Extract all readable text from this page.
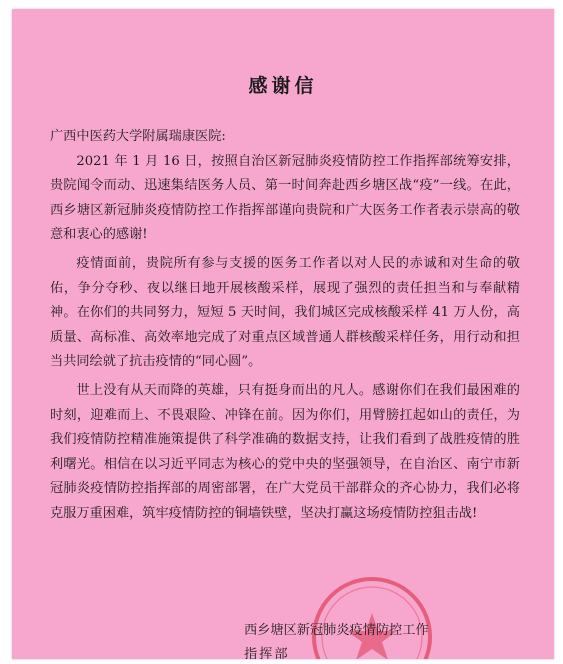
感谢信

广西中医药大学附属瑞康医院:

2021 年 1 月 16 日，按照自治区新冠肺炎疫情防控工作指挥部统筹安排，贵院闻令而动、迅速集结医务人员、第一时间奔赴西乡塘区战“疫”一线。在此，西乡塘区新冠肺炎疫情防控工作指挥部谨向贵院和广大医务工作者表示崇高的敬意和衷心的感谢!

疫情面前，贵院所有参与支援的医务工作者以对人民的赤诚和对生命的敬佑，争分夺秒、夜以继日地开展核酸采样，展现了强烈的责任担当和与奉献精神。在你们的共同努力，短短 5 天时间，我们城区完成核酸采样 41 万人份，高质量、高标准、高效率地完成了对重点区域普通人群核酸采样任务，用行动和担当共同绘就了抗击疫情的“同心圆”。

世上没有从天而降的英雄，只有挺身而出的凡人。感谢你们在我们最困难的时刻，迎难而上、不畏艰险、冲锋在前。因为你们，用臂膀扛起如山的责任，为我们疫情防控精准施策提供了科学准确的数据支持，让我们看到了战胜疫情的胜利曙光。相信在以习近平同志为核心的党中央的坚强领导，在自治区、南宁市新冠肺炎疫情防控指挥部的周密部署，在广大党员干部群众的齐心协力，我们必将克服万重困难，筑牢疫情防控的铜墙铁壁，坚决打赢这场疫情防控狙击战!

西乡塘区新冠肺炎疫情防控工作
指挥部
